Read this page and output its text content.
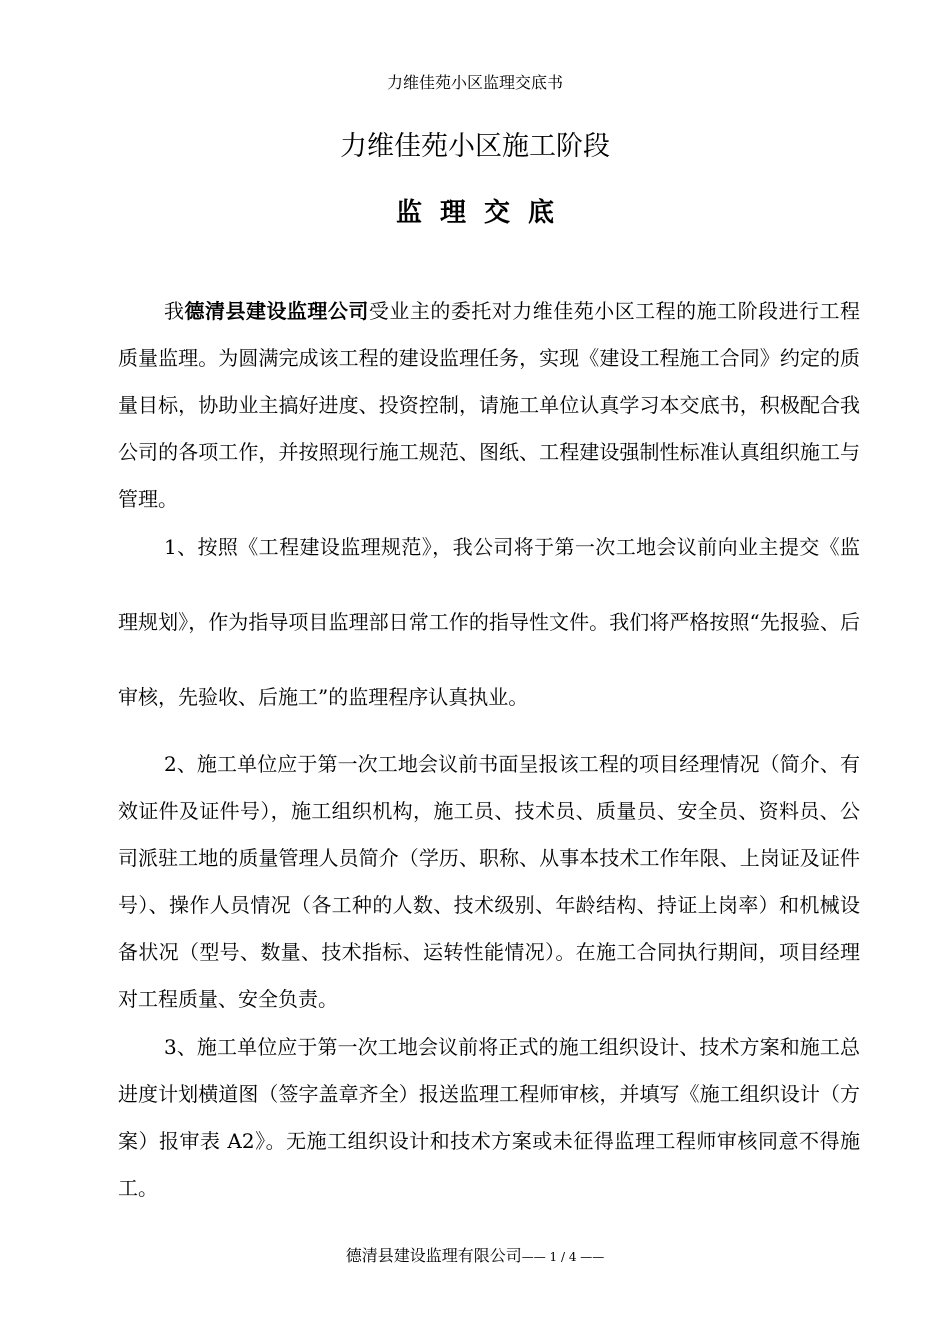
力维佳苑小区监理交底书
力维佳苑小区施工阶段
监理交底

我德清县建设监理公司受业主的委托对力维佳苑小区工程的施工阶段进行工程质量监理。为圆满完成该工程的建设监理任务，实现《建设工程施工合同》约定的质量目标，协助业主搞好进度、投资控制，请施工单位认真学习本交底书，积极配合我公司的各项工作，并按照现行施工规范、图纸、工程建设强制性标准认真组织施工与管理。

1、按照《工程建设监理规范》，我公司将于第一次工地会议前向业主提交《监理规划》，作为指导项目监理部日常工作的指导性文件。我们将严格按照“先报验、后审核，先验收、后施工”的监理程序认真执业。

2、施工单位应于第一次工地会议前书面呈报该工程的项目经理情况（简介、有效证件及证件号），施工组织机构，施工员、技术员、质量员、安全员、资料员、公司派驻工地的质量管理人员简介（学历、职称、从事本技术工作年限、上岗证及证件号）、操作人员情况（各工种的人数、技术级别、年龄结构、持证上岗率）和机械设备状况（型号、数量、技术指标、运转性能情况）。在施工合同执行期间，项目经理对工程质量、安全负责。

3、施工单位应于第一次工地会议前将正式的施工组织设计、技术方案和施工总进度计划横道图（签字盖章齐全）报送监理工程师审核，并填写《施工组织设计（方案）报审表 A2》。无施工组织设计和技术方案或未征得监理工程师审核同意不得施工。

德清县建设监理有限公司—— 1 / 4 ——
